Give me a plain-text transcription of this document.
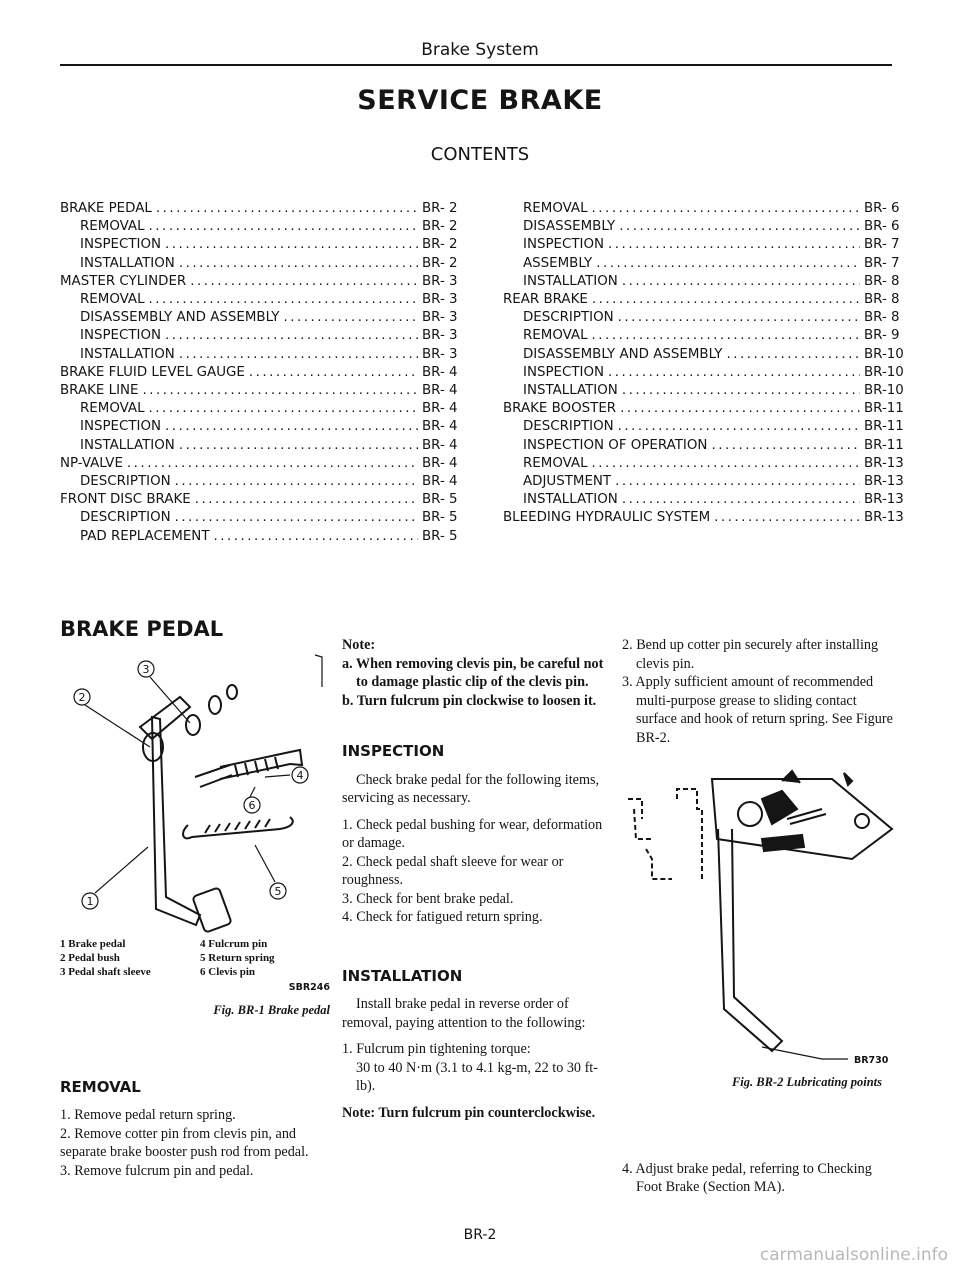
Brake System
SERVICE BRAKE
CONTENTS
BRAKE PEDAL .....	BR- 2
REMOVAL .....	BR- 2
INSPECTION .....	BR- 2
INSTALLATION .....	BR- 2
MASTER CYLINDER .....	BR- 3
REMOVAL .....	BR- 3
DISASSEMBLY AND ASSEMBLY .....	BR- 3
INSPECTION .....	BR- 3
INSTALLATION .....	BR- 3
BRAKE FLUID LEVEL GAUGE .....	BR- 4
BRAKE LINE .....	BR- 4
REMOVAL .....	BR- 4
INSPECTION .....	BR- 4
INSTALLATION .....	BR- 4
NP-VALVE .....	BR- 4
DESCRIPTION .....	BR- 4
FRONT DISC BRAKE .....	BR- 5
DESCRIPTION .....	BR- 5
PAD REPLACEMENT .....	BR- 5
REMOVAL .....	BR- 6
DISASSEMBLY .....	BR- 6
INSPECTION .....	BR- 7
ASSEMBLY .....	BR- 7
INSTALLATION .....	BR- 8
REAR BRAKE .....	BR- 8
DESCRIPTION .....	BR- 8
REMOVAL .....	BR- 9
DISASSEMBLY AND ASSEMBLY .....	BR-10
INSPECTION .....	BR-10
INSTALLATION .....	BR-10
BRAKE BOOSTER .....	BR-11
DESCRIPTION .....	BR-11
INSPECTION OF OPERATION .....	BR-11
REMOVAL .....	BR-13
ADJUSTMENT .....	BR-13
INSTALLATION .....	BR-13
BLEEDING HYDRAULIC SYSTEM .....	BR-13
BRAKE PEDAL
2
3
4
6
5
1
1 Brake pedal	4 Fulcrum pin
2 Pedal bush	5 Return spring
3 Pedal shaft sleeve	6 Clevis pin
SBR246
Fig. BR-1 Brake pedal
REMOVAL

1. Remove pedal return spring.

2. Remove cotter pin from clevis pin, and separate brake booster push rod from pedal.

3. Remove fulcrum pin and pedal.

Note:

a. When removing clevis pin, be careful not to damage plastic clip of the clevis pin.

b. Turn fulcrum pin clockwise to loosen it.

INSPECTION

Check brake pedal for the following items, servicing as necessary.

1. Check pedal bushing for wear, deformation or damage.

2. Check pedal shaft sleeve for wear or roughness.

3. Check for bent brake pedal.

4. Check for fatigued return spring.

INSTALLATION

Install brake pedal in reverse order of removal, paying attention to the following:

1. Fulcrum pin tightening torque:

30 to 40 N·m (3.1 to 4.1 kg-m, 22 to 30 ft-lb).

Note: Turn fulcrum pin counterclockwise.

2. Bend up cotter pin securely after installing clevis pin.

3. Apply sufficient amount of recommended multi-purpose grease to sliding contact surface and hook of return spring. See Figure BR-2.

BR730
Fig. BR-2 Lubricating points

4. Adjust brake pedal, referring to Checking Foot Brake (Section MA).

BR-2
carmanualsonline.info
